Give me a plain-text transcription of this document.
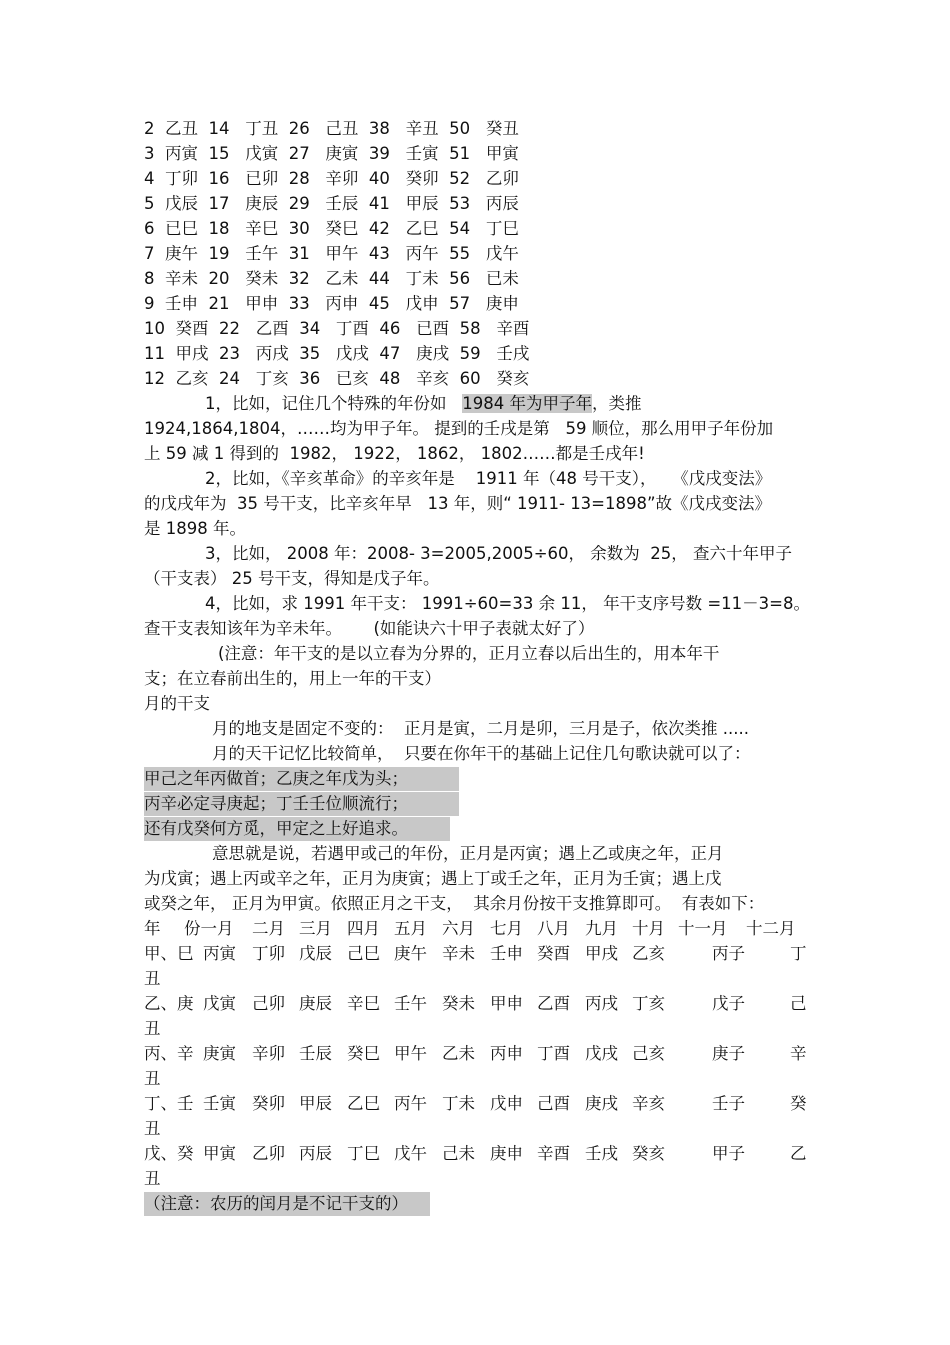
2  乙丑  14   丁丑  26   己丑  38   辛丑  50   癸丑
3  丙寅  15   戊寅  27   庚寅  39   壬寅  51   甲寅
4  丁卯  16   已卯  28   辛卯  40   癸卯  52   乙卯
5  戊辰  17   庚辰  29   壬辰  41   甲辰  53   丙辰
6  已巳  18   辛巳  30   癸巳  42   乙巳  54   丁巳
7  庚午  19   壬午  31   甲午  43   丙午  55   戊午
8  辛未  20   癸未  32   乙未  44   丁未  56   已未
9  壬申  21   甲申  33   丙申  45   戊申  57   庚申
10  癸酉  22   乙酉  34   丁酉  46   已酉  58   辛酉
11  甲戌  23   丙戌  35   戊戌  47   庚戌  59   壬戌
12  乙亥  24   丁亥  36   已亥  48   辛亥  60   癸亥
1，比如，记住几个特殊的年份如 1984 年为甲子年，类推
1924,1864,1804，……均为甲子年。 提到的壬戌是第   59 顺位，那么用甲子年份加
上 59 减 1 得到的  1982， 1922， 1862， 1802……都是壬戌年!
2，比如，《辛亥革命》的辛亥年是    1911 年（48 号干支），   《戊戌变法》
的戊戌年为  35 号干支，比辛亥年早   13 年，则“ 1911- 13=1898”故《戊戌变法》
是 1898 年。
3，比如， 2008 年：2008- 3=2005,2005÷60， 余数为  25， 查六十年甲子
（干支表） 25 号干支，得知是戊子年。
4，比如，求 1991 年干支： 1991÷60=33 余 11， 年干支序号数 =11－3=8。
查干支表知该年为辛未年。      (如能诀六十甲子表就太好了）
(注意：年干支的是以立春为分界的，正月立春以后出生的，用本年干
支；在立春前出生的，用上一年的干支）
月的干支
月的地支是固定不变的：  正月是寅，二月是卯，三月是子，依次类推 .....
月的天干记忆比较简单，  只要在你年干的基础上记住几句歌诀就可以了：
甲己之年丙做首；乙庚之年戊为头；
丙辛必定寻庚起；丁壬壬位顺流行；
还有戊癸何方觅，甲定之上好追求。
意思就是说，若遇甲或己的年份，正月是丙寅；遇上乙或庚之年，正月
为戊寅；遇上丙或辛之年，正月为庚寅；遇上丁或壬之年，正月为壬寅；遇上戊
或癸之年， 正月为甲寅。依照正月之干支，  其余月份按干支推算即可。  有表如下：
年 份一月 二月 三月 四月 五月 六月 七月 八月 九月 十月 十一月 十二月
甲、巳 丙寅 丁卯 戊辰 己巳 庚午 辛未 壬申 癸酉 甲戌 乙亥	丙子	丁
丑
乙、庚 戊寅 己卯 庚辰 辛巳 壬午 癸未 甲申 乙酉 丙戌 丁亥	戊子	己
丑
丙、辛 庚寅 辛卯 壬辰 癸巳 甲午 乙未 丙申 丁酉 戊戌 己亥	庚子	辛
丑
丁、壬 壬寅 癸卯 甲辰 乙巳 丙午 丁未 戊申 己酉 庚戌 辛亥	壬子	癸
丑
戊、癸 甲寅 乙卯 丙辰 丁巳 戊午 己未 庚申 辛酉 壬戌 癸亥	甲子	乙
丑
（注意：农历的闰月是不记干支的）
